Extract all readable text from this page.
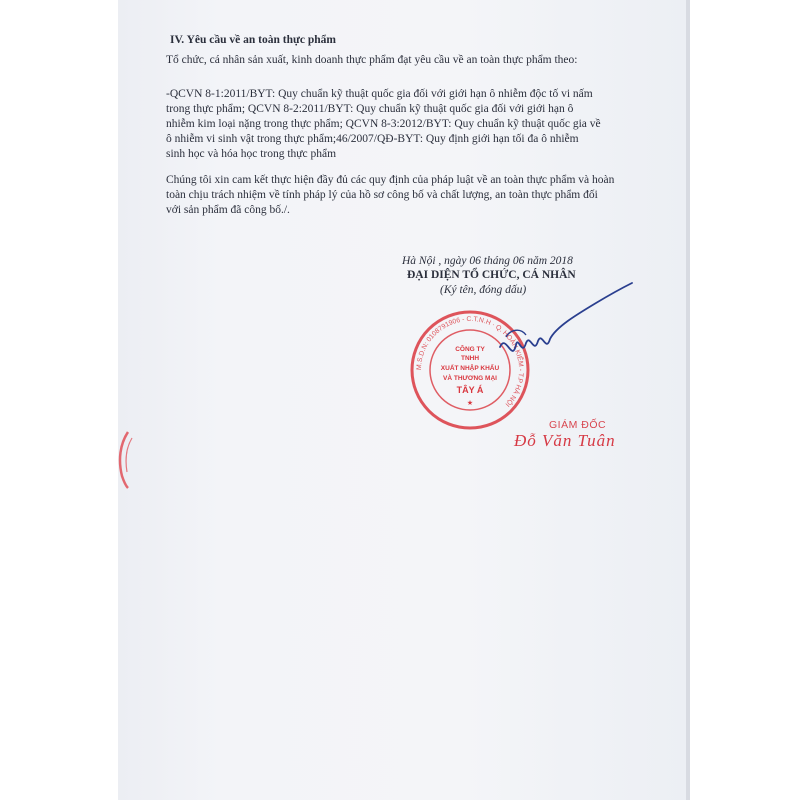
IV. Yêu cầu về an toàn thực phẩm
Tổ chức, cá nhân sản xuất, kinh doanh thực phẩm đạt yêu cầu về an toàn thực phẩm theo:
-QCVN 8-1:2011/BYT: Quy chuẩn kỹ thuật quốc gia đối với giới hạn ô nhiễm độc tố vi nấm
trong thực phẩm; QCVN 8-2:2011/BYT: Quy chuẩn kỹ thuật quốc gia đối với giới hạn ô
nhiễm kim loại nặng trong thực phẩm; QCVN 8-3:2012/BYT: Quy chuẩn kỹ thuật quốc gia về
ô nhiễm vi sinh vật trong thực phẩm;46/2007/QĐ-BYT: Quy định giới hạn tối đa ô nhiễm
sinh học và hóa học trong thực phẩm
Chúng tôi xin cam kết thực hiện đầy đủ các quy định của pháp luật về an toàn thực phẩm và hoàn
toàn chịu trách nhiệm về tính pháp lý của hồ sơ công bố và chất lượng, an toàn thực phẩm đối
với sản phẩm đã công bố./.
Hà Nội , ngày 06 tháng 06 năm 2018
ĐẠI DIỆN TỔ CHỨC, CÁ NHÂN
(Ký tên, đóng dấu)
M.S.D.N: 0108791906 - C.T.N.H · Q. HOÀN KIẾM - T.P HÀ NỘI
CÔNG TY
TNHH
XUẤT NHẬP KHẨU
VÀ THƯƠNG MẠI
TÂY Á
★
GIÁM ĐỐC
Đỗ Văn Tuân
